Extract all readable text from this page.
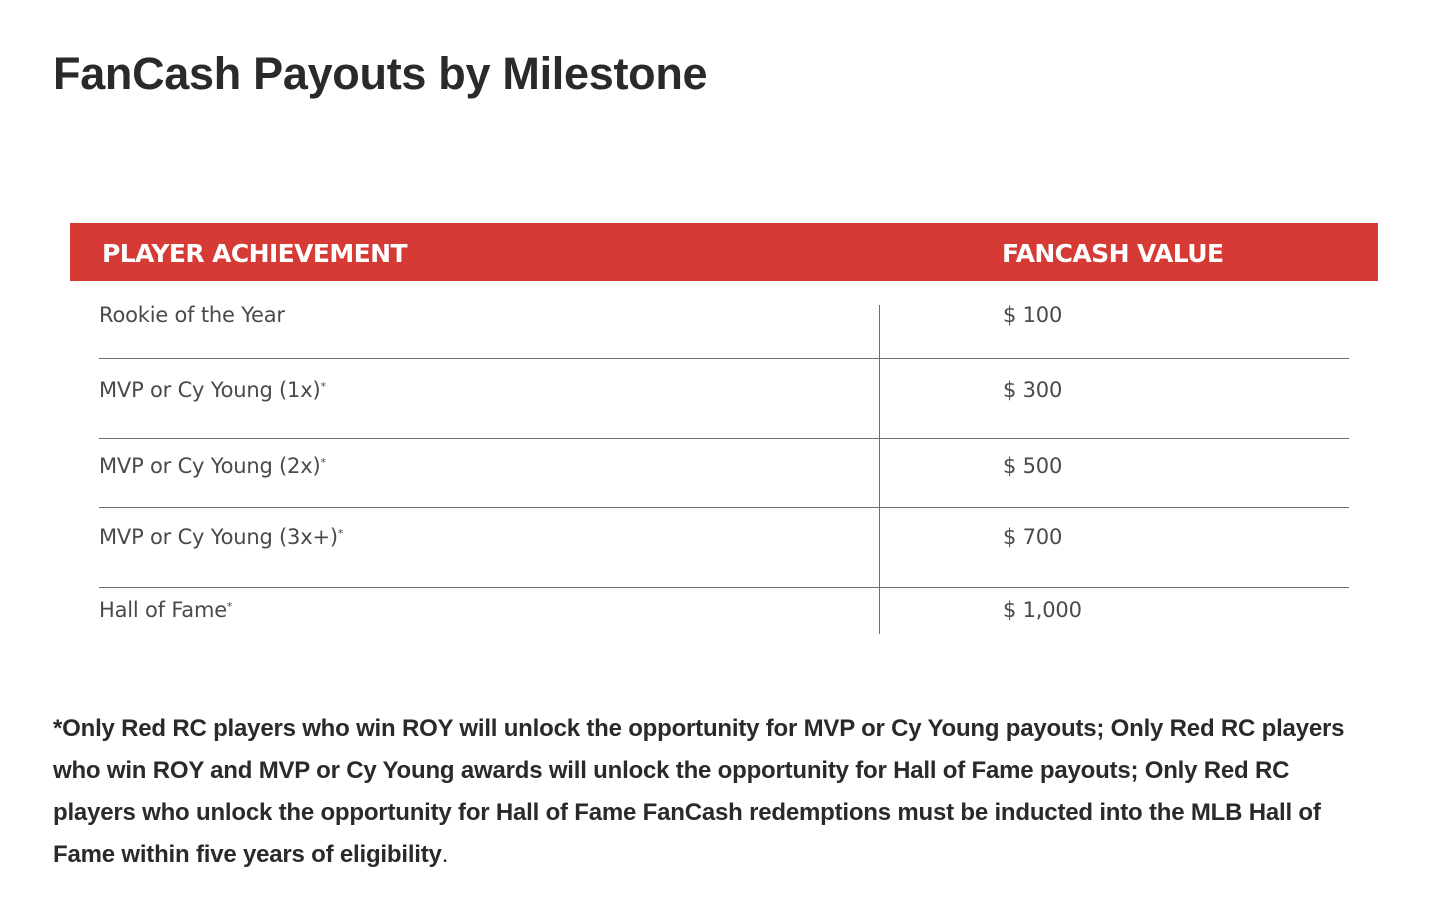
FanCash Payouts by Milestone
PLAYER ACHIEVEMENT	FANCASH VALUE
Rookie of the Year	$ 100
MVP or Cy Young (1x)*	$ 300
MVP or Cy Young (2x)*	$ 500
MVP or Cy Young (3x+)*	$ 700
Hall of Fame*	$ 1,000

*Only Red RC players who win ROY will unlock the opportunity for MVP or Cy Young payouts; Only Red RC players who win ROY and MVP or Cy Young awards will unlock the opportunity for Hall of Fame payouts; Only Red RC players who unlock the opportunity for Hall of Fame FanCash redemptions must be inducted into the MLB Hall of Fame within five years of eligibility.
